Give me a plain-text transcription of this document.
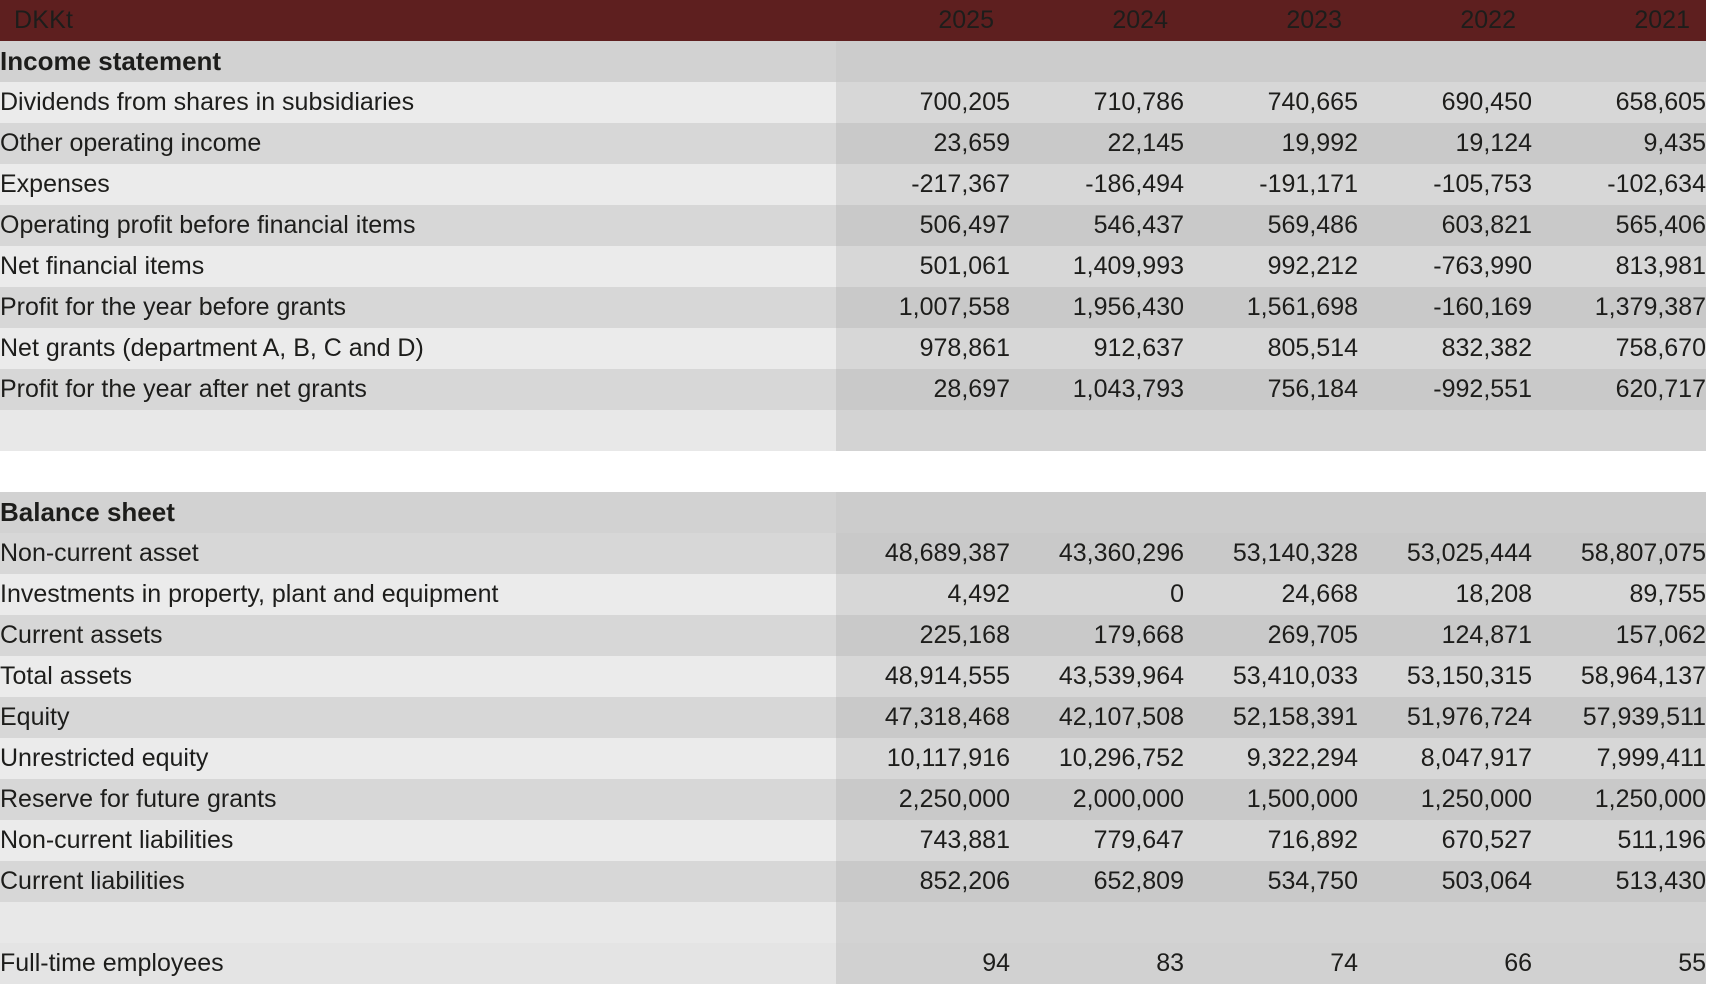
DKKt	2025	2024	2023	2022	2021
Income statement					
Dividends from shares in subsidiaries	700,205	710,786	740,665	690,450	658,605
Other operating income	23,659	22,145	19,992	19,124	9,435
Expenses	-217,367	-186,494	-191,171	-105,753	-102,634
Operating profit before financial items	506,497	546,437	569,486	603,821	565,406
Net financial items	501,061	1,409,993	992,212	-763,990	813,981
Profit for the year before grants	1,007,558	1,956,430	1,561,698	-160,169	1,379,387
Net grants (department A, B, C and D)	978,861	912,637	805,514	832,382	758,670
Profit for the year after net grants	28,697	1,043,793	756,184	-992,551	620,717

Balance sheet					
Non-current asset	48,689,387	43,360,296	53,140,328	53,025,444	58,807,075
Investments in property, plant and equipment	4,492	0	24,668	18,208	89,755
Current assets	225,168	179,668	269,705	124,871	157,062
Total assets	48,914,555	43,539,964	53,410,033	53,150,315	58,964,137
Equity	47,318,468	42,107,508	52,158,391	51,976,724	57,939,511
Unrestricted equity	10,117,916	10,296,752	9,322,294	8,047,917	7,999,411
Reserve for future grants	2,250,000	2,000,000	1,500,000	1,250,000	1,250,000
Non-current liabilities	743,881	779,647	716,892	670,527	511,196
Current liabilities	852,206	652,809	534,750	503,064	513,430

Full-time employees	94	83	74	66	55
